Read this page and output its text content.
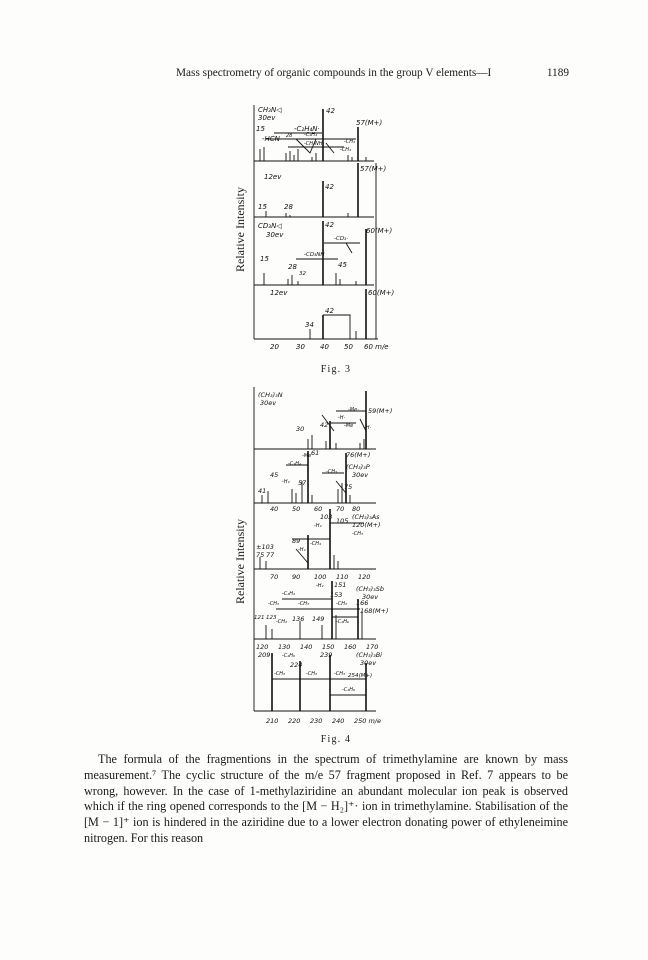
Mass spectrometry of organic compounds in the group V elements—I	1189
Relative Intensity
CH₃N◁
30ev
42
57(M+)
15	-C₂H₄N·
-HCN 28 -C₂H₄
-CH₃
-CH₂NH
-CH₄
57(M+)
12ev
42
15 28
CD₃N◁
30ev
42
60(M+)
-CD₃·
-CD₃NH
15
28
32
45
60(M+)
12ev
42
34
20 30 40 50 60 m/e
Fig. 3
Relative Intensity
(CH₃)₃N
30ev
59(M+)
-H·
-Me·
42	-Me -H·
30
-Me 61	76(M+)
(CH₃)₃P
30ev
-C₂H₄
45	-CH₃
-H₂ 57
41	75
40 50 60 70 80
103 105 (CH₃)₃As
120(M+)
-H₂
-CH₃
-CH₄
89
-H₂
±103
75 77
70 90 100 110 120
-H₂ 151
153
(CH₃)₃Sb
30ev
-C₂H₄
-CH₃	-CH₃	-CH₃ 166
168(M+)
121 123
-CH₂ 136 149 -C₂H₆
120 130 140 150 160 170
209 -C₂H₆	239	(CH₃)₃Bi
30ev
224
-CH₃	-CH₃	-CH₃ 254(M+)
-C₂H₆
210 220 230 240 250 m/e
Fig. 4

The formula of the fragmentions in the spectrum of trimethylamine are known by mass measurement.⁷ The cyclic structure of the m/e 57 fragment proposed in Ref. 7 appears to be wrong, however. In the case of 1-methylaziridine an abundant molecular ion peak is observed which if the ring opened corresponds to the [M − H₂]⁺· ion in trimethylamine. Stabilisation of the [M − 1]⁺ ion is hindered in the aziridine due to a lower electron donating power of ethyleneimine nitrogen. For this reason
